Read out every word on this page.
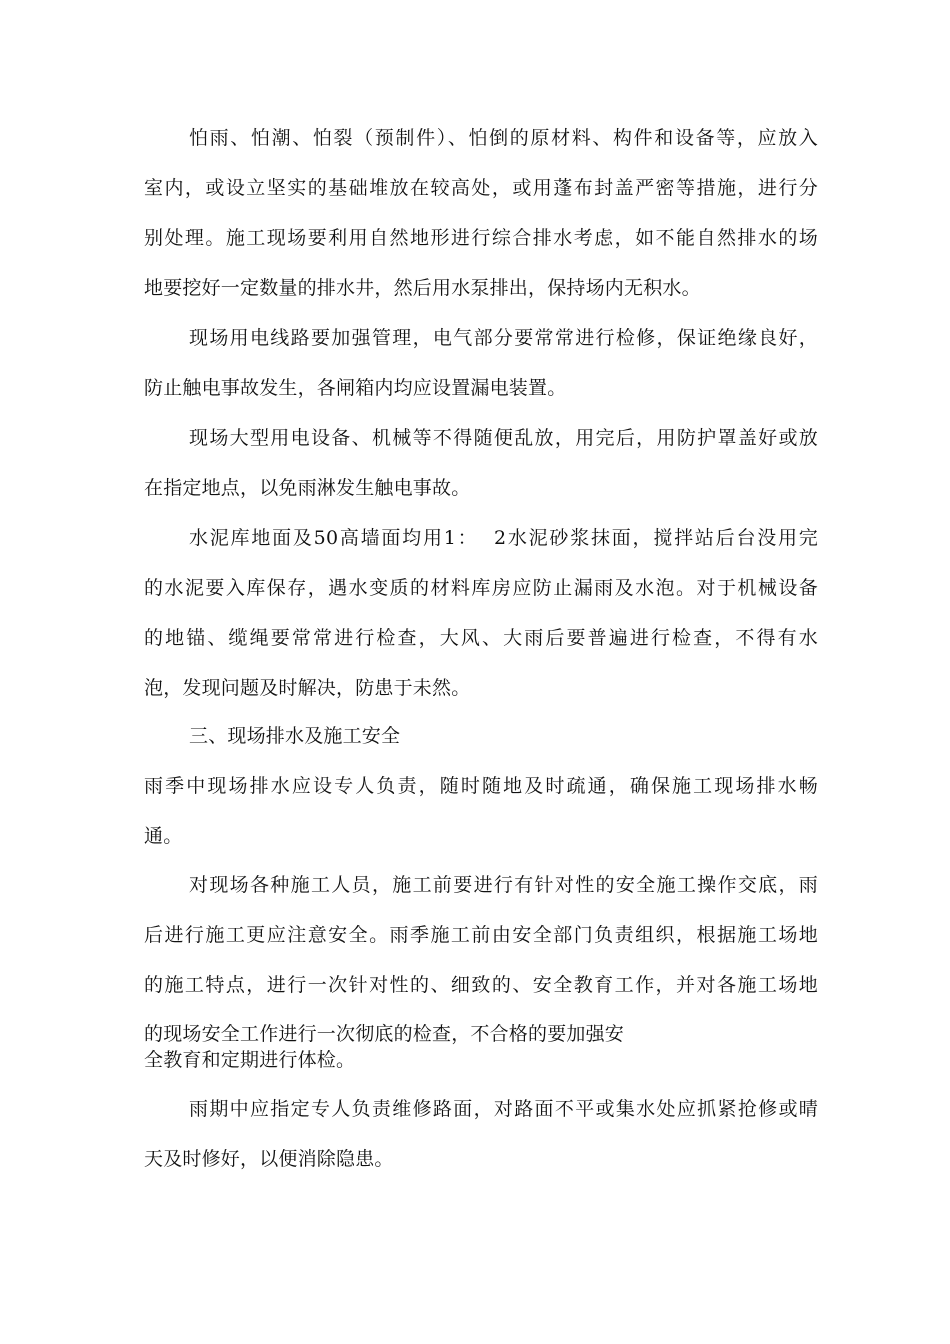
怕雨、怕潮、怕裂（预制件）、怕倒的原材料、构件和设备等，应放入
室内，或设立坚实的基础堆放在较高处，或用蓬布封盖严密等措施，进行分
别处理。施工现场要利用自然地形进行综合排水考虑，如不能自然排水的场
地要挖好一定数量的排水井，然后用水泵排出，保持场内无积水。
现场用电线路要加强管理，电气部分要常常进行检修，保证绝缘良好，
防止触电事故发生，各闸箱内均应设置漏电装置。
现场大型用电设备、机械等不得随便乱放，用完后，用防护罩盖好或放
在指定地点，以免雨淋发生触电事故。
水泥库地面及50高墙面均用1：  2水泥砂浆抹面，搅拌站后台没用完
的水泥要入库保存，遇水变质的材料库房应防止漏雨及水泡。对于机械设备
的地锚、缆绳要常常进行检查，大风、大雨后要普遍进行检查，不得有水
泡，发现问题及时解决，防患于未然。
三、现场排水及施工安全
雨季中现场排水应设专人负责，随时随地及时疏通，确保施工现场排水畅
通。
对现场各种施工人员，施工前要进行有针对性的安全施工操作交底，雨
后进行施工更应注意安全。雨季施工前由安全部门负责组织，根据施工场地
的施工特点，进行一次针对性的、细致的、安全教育工作，并对各施工场地
的现场安全工作进行一次彻底的检查，不合格的要加强安
全教育和定期进行体检。
雨期中应指定专人负责维修路面，对路面不平或集水处应抓紧抢修或晴
天及时修好，以便消除隐患。
